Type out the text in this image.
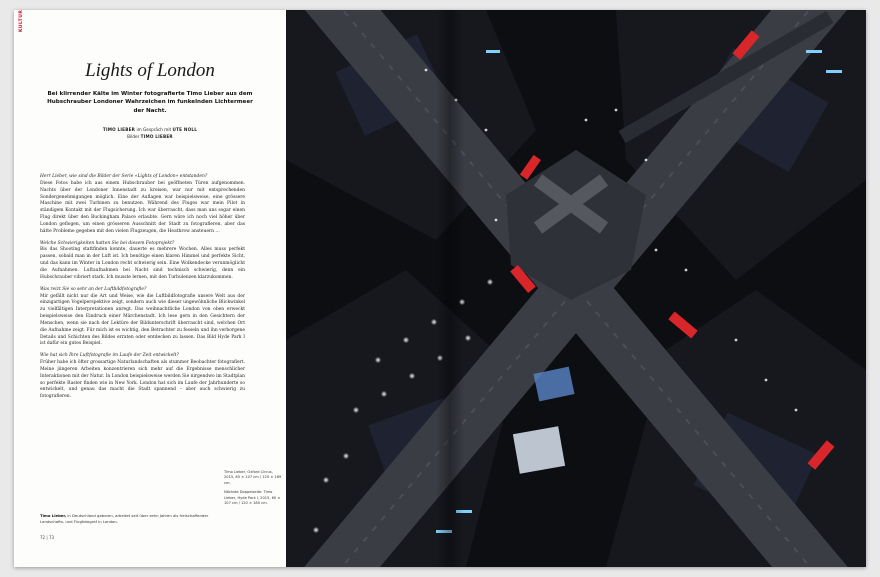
KULTUR
Lights of London
Bei klirrender Kälte im Winter fotografierte Timo Lieber aus dem Hubschrauber Londoner Wahrzeichen im funkelnden Lichtermeer der Nacht.
TIMO LIEBER im Gespräch mit UTE NOLL
Bilder TIMO LIEBER

Herr Lieber, wie sind die Bilder der Serie «Lights of London» entstanden?
Diese Fotos habe ich aus einem Hubschrauber bei geöffneten Türen aufgenommen. Nachts über der Londoner Innenstadt zu kreisen, war nur mit entsprechenden Sondergenehmigungen möglich. Eine der Auflagen war beispielsweise, eine grössere Maschine mit zwei Turbinen zu benutzen. Während des Fluges war mein Pilot in ständigem Kontakt mit der Flugsicherung. Ich war überrascht, dass man uns sogar einen Flug direkt über den Buckingham Palace erlaubte. Gern wäre ich noch viel höher über London geflogen, um einen grösseren Ausschnitt der Stadt zu fotografieren, aber das hätte Probleme gegeben mit den vielen Flugzeugen, die Heathrow ansteuern …

Welche Schwierigkeiten hatten Sie bei diesem Fotoprojekt?
Bis das Shooting stattfinden konnte, dauerte es mehrere Wochen. Alles muss perfekt passen, sobald man in der Luft ist. Ich benötige einen klaren Himmel und perfekte Sicht, und das kann im Winter in London recht schwierig sein. Eine Wolkendecke verunmöglicht die Aufnahmen. Luftaufnahmen bei Nacht sind technisch schwierig, denn ein Hubschrauber vibriert stark. Ich musste lernen, mit den Turbulenzen klarzukommen.

Was reizt Sie so sehr an der Luftbildfotografie?
Mir gefällt nicht nur die Art und Weise, wie die Luftbildfotografie unsere Welt aus der einzigartigen Vogelperspektive zeigt, sondern auch wie dieser ungewöhnliche Blickwinkel zu vielfältigen Interpretationen anregt. Das weihnachtliche London von oben erweckt beispielsweise den Eindruck einer Märchenstadt. Ich lese gern in den Gesichtern der Menschen, wenn sie nach der Lektüre der Bildunterschrift überrascht sind, welchen Ort die Aufnahme zeigt. Für mich ist es wichtig, den Betrachter zu fesseln und ihn verborgene Details und Schichten des Bildes erraten oder entdecken zu lassen. Das Bild Hyde Park I ist dafür ein gutes Beispiel.

Wie hat sich Ihre Luftfotografie im Laufe der Zeit entwickelt?
Früher habe ich öfter grossartige Naturlandschaften als stummer Beobachter fotografiert. Meine jüngeren Arbeiten konzentrieren sich mehr auf die Ergebnisse menschlicher Interaktionen mit der Natur. In London beispielsweise werden Sie nirgendwo im Stadtplan so perfekte Raster finden wie in New York. London hat sich im Laufe der Jahrhunderte so entwickelt, und genau das macht die Stadt spannend – aber auch schwierig zu fotografieren.

Timo Lieber, Oxford Circus, 2015, 65 × 107 cm / 120 × 169 cm.

Nächste Doppelseite: Timo Lieber, Hyde Park I, 2015, 60 × 107 cm / 120 × 180 cm.

Timo Lieber, in Deutschland geboren, arbeitet seit über zehn Jahren als freischaffender Landschafts- und Flugfotograf in London.
72 | 73
